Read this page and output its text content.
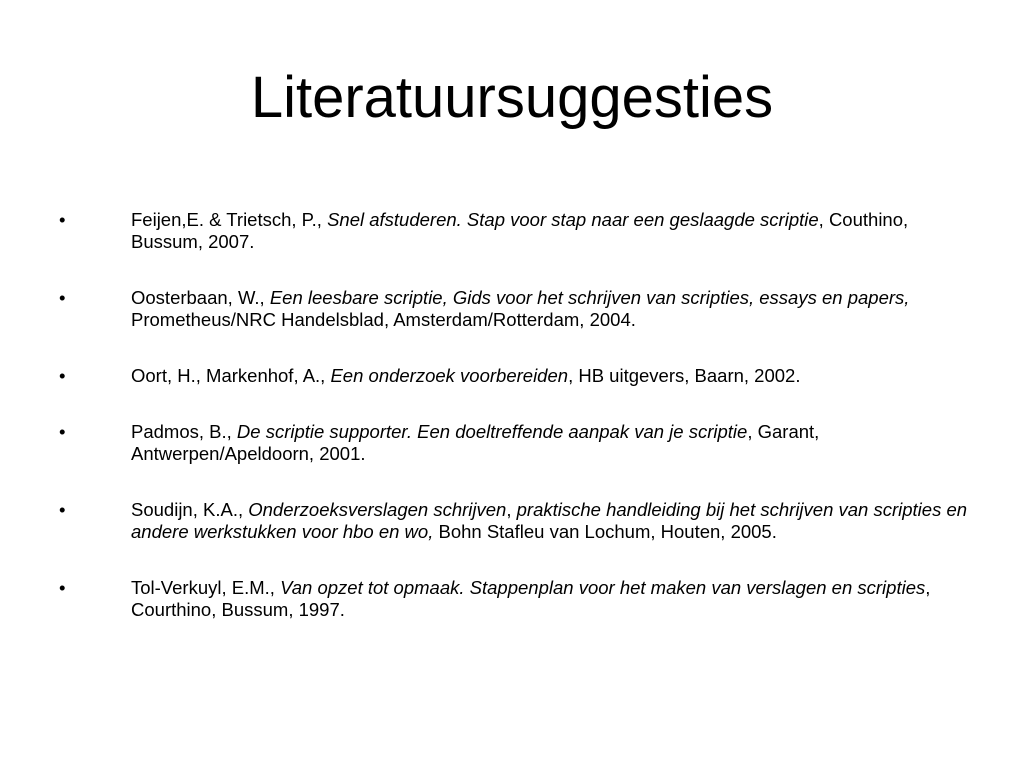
Literatuursuggesties
•	Feijen,E. & Trietsch, P., Snel afstuderen. Stap voor stap naar een geslaagde scriptie, Couthino, Bussum, 2007.
•	Oosterbaan, W., Een leesbare scriptie, Gids voor het schrijven van scripties, essays en papers, Prometheus/NRC Handelsblad, Amsterdam/Rotterdam, 2004.
•	Oort, H., Markenhof, A., Een onderzoek voorbereiden, HB uitgevers, Baarn, 2002.
•	Padmos, B., De scriptie supporter. Een doeltreffende aanpak van je scriptie, Garant, Antwerpen/Apeldoorn, 2001.
•	Soudijn, K.A., Onderzoeksverslagen schrijven, praktische handleiding bij het schrijven van scripties en andere werkstukken voor hbo en wo, Bohn Stafleu van Lochum, Houten, 2005.
•	Tol-Verkuyl, E.M., Van opzet tot opmaak. Stappenplan voor het maken van verslagen en scripties, Courthino, Bussum, 1997.
